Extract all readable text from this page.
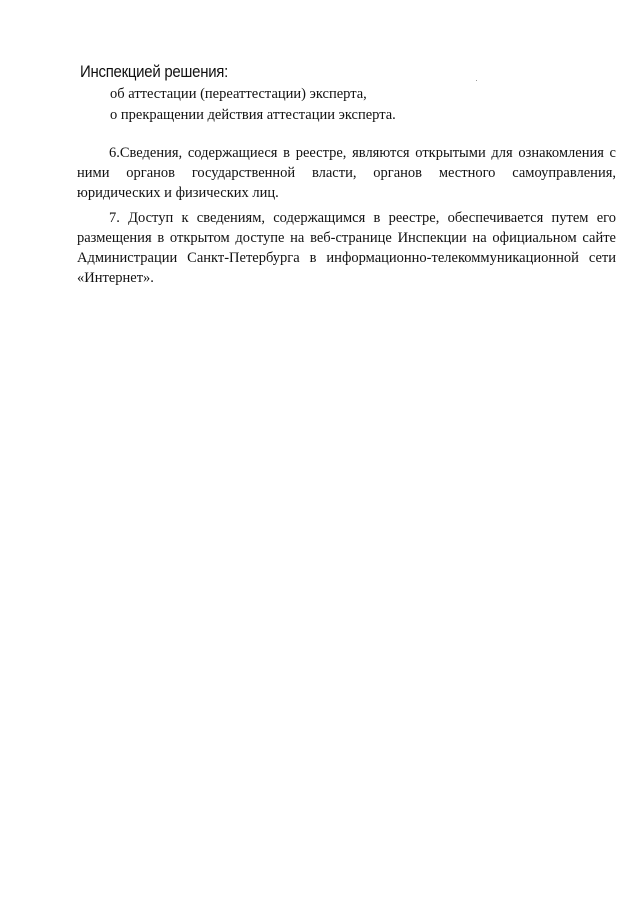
Инспекцией решения:
об аттестации (переаттестации) эксперта,
о прекращении действия аттестации эксперта.
6.Сведения, содержащиеся в реестре, являются открытыми для ознакомления с ними органов государственной власти, органов местного самоуправления, юридических и физических лиц.
7. Доступ к сведениям, содержащимся в реестре, обеспечивается путем его размещения в открытом доступе на веб-странице Инспекции на официальном сайте Администрации Санкт-Петербурга в информационно-телекоммуникационной сети «Интернет».
